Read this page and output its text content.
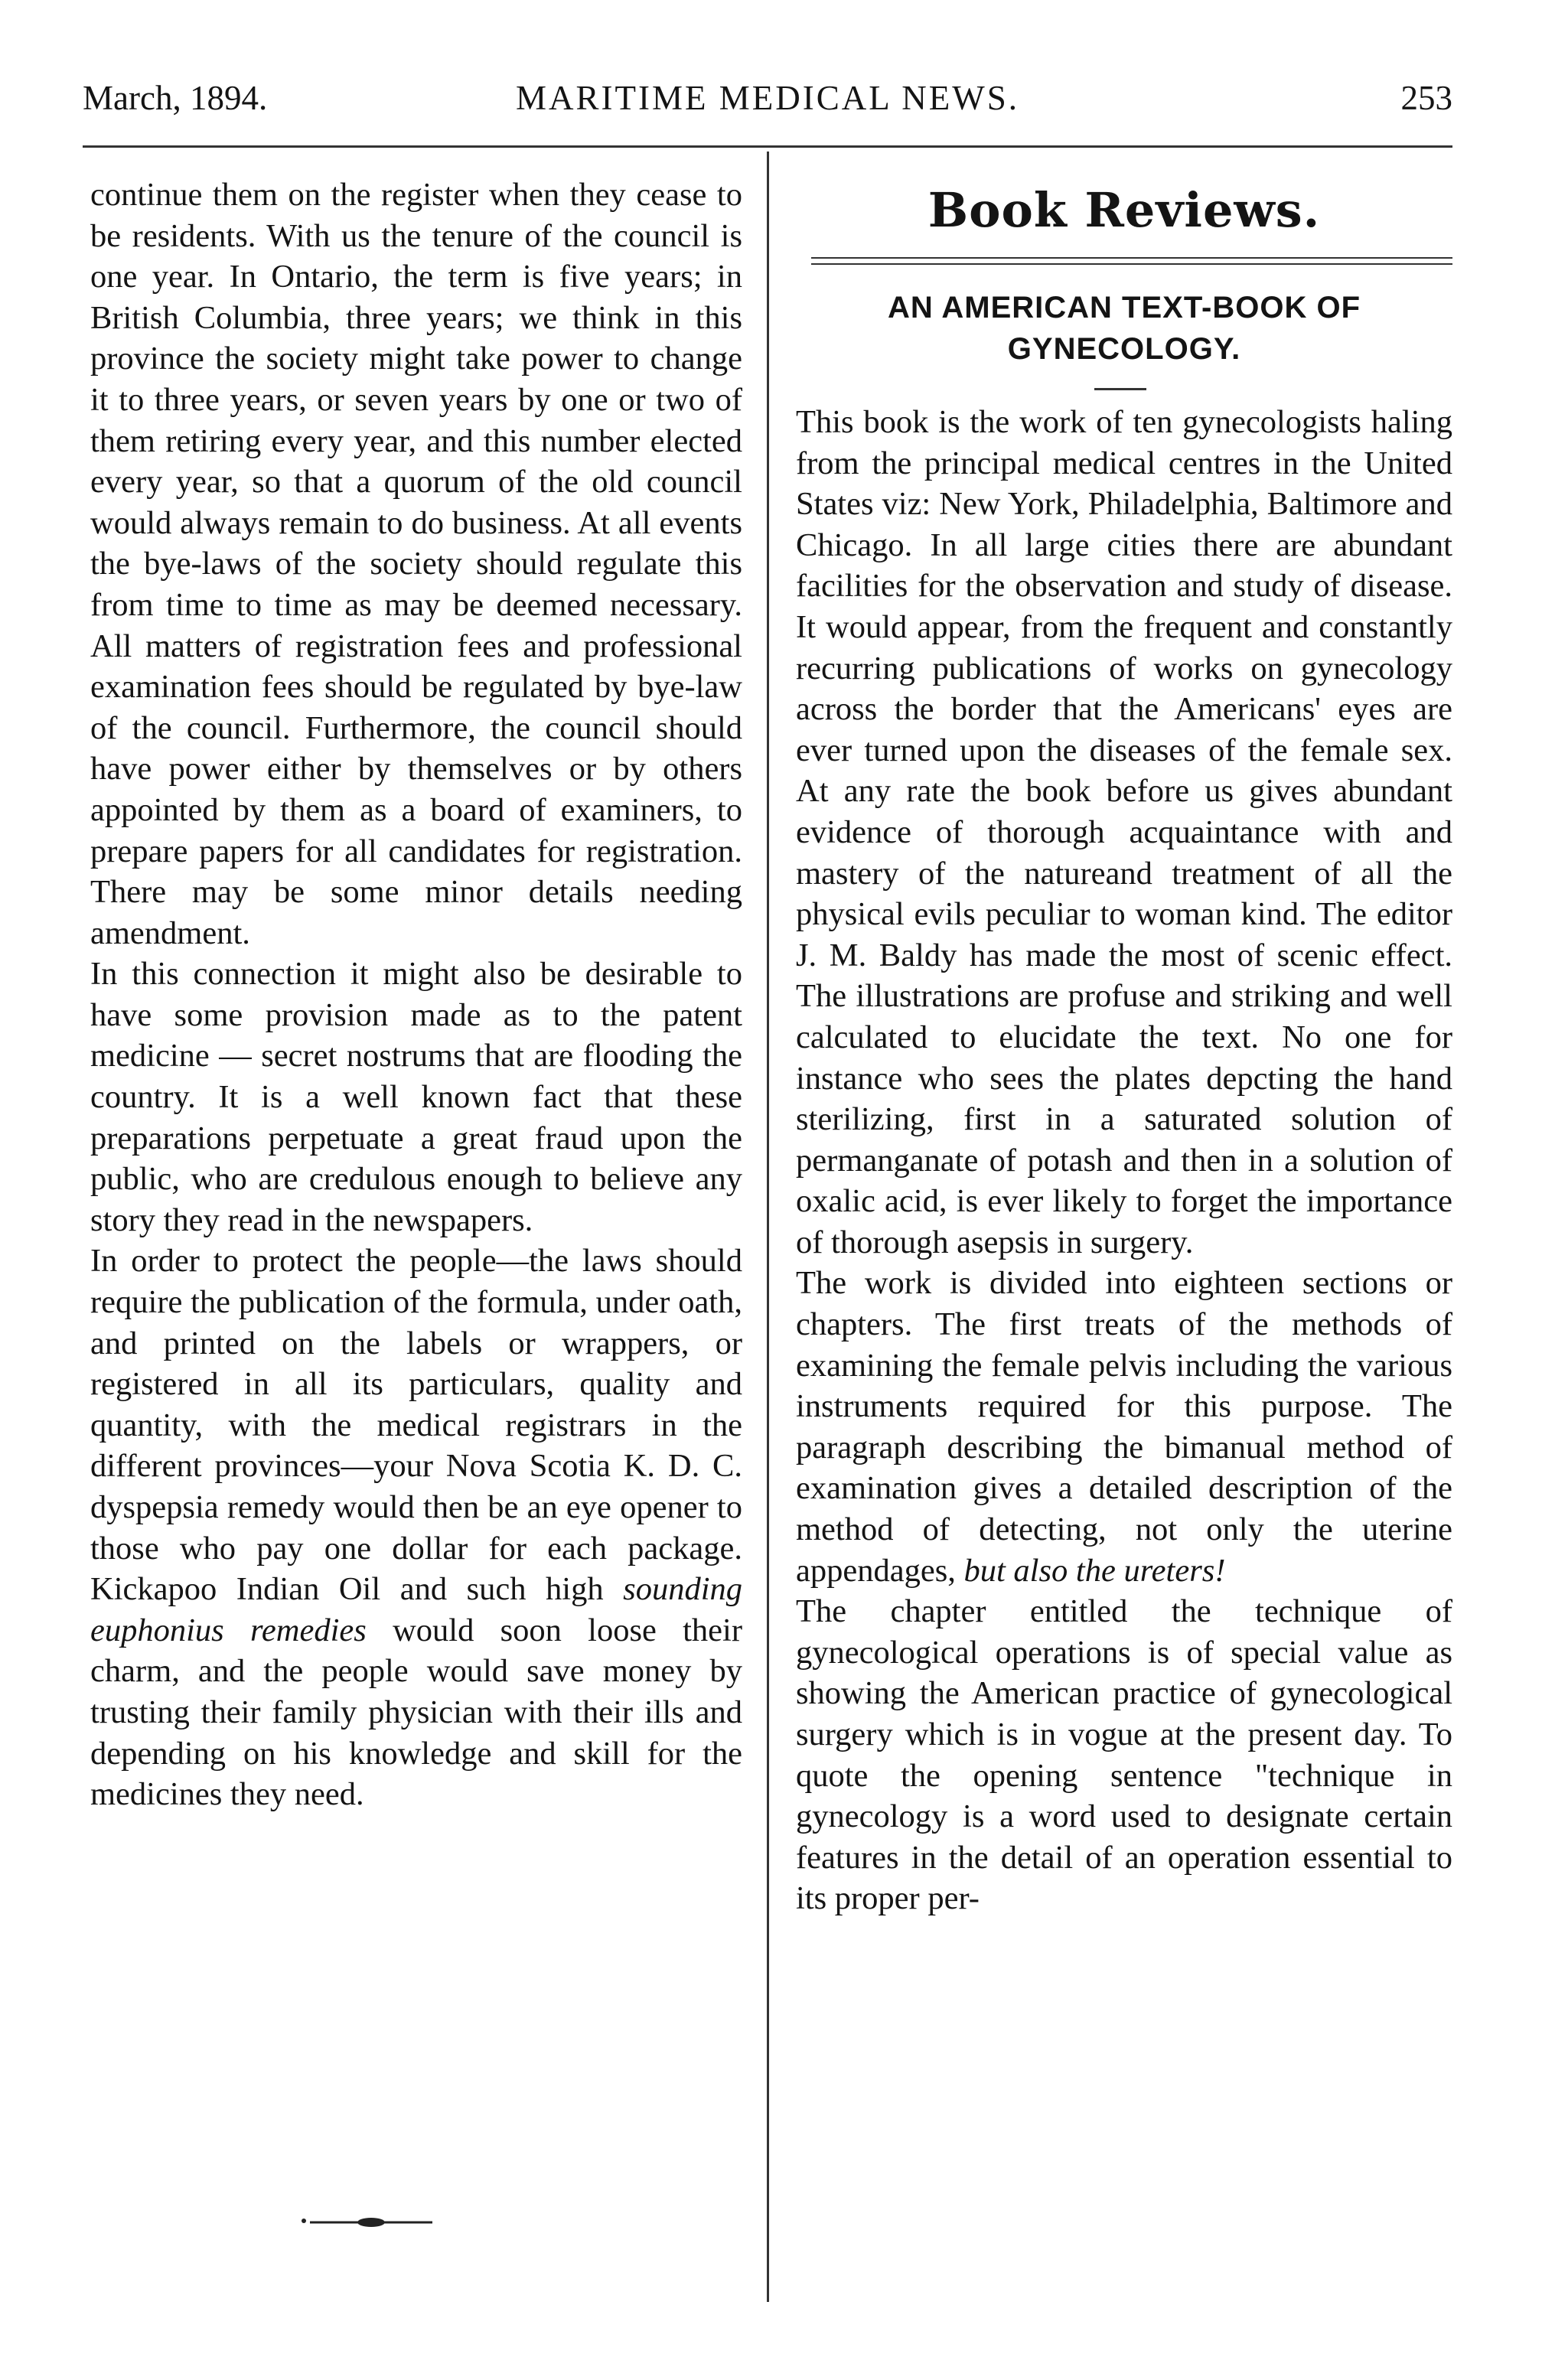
March, 1894.	MARITIME MEDICAL NEWS.	253

continue them on the register when they cease to be residents. With us the tenure of the council is one year. In Ontario, the term is five years; in British Columbia, three years; we think in this province the society might take power to change it to three years, or seven years by one or two of them retiring every year, and this number elected every year, so that a quorum of the old council would always remain to do business. At all events the bye-laws of the society should regulate this from time to time as may be deemed necessary. All matters of registration fees and professional examination fees should be regulated by bye-law of the council. Furthermore, the council should have power either by themselves or by others appointed by them as a board of examiners, to prepare papers for all candidates for registration. There may be some minor details needing amendment.

In this connection it might also be desirable to have some provision made as to the patent medicine — secret nostrums that are flooding the country. It is a well known fact that these preparations perpetuate a great fraud upon the public, who are credulous enough to believe any story they read in the newspapers.

In order to protect the people—the laws should require the publication of the formula, under oath, and printed on the labels or wrappers, or registered in all its particulars, quality and quantity, with the medical registrars in the different provinces—your Nova Scotia K. D. C. dyspepsia remedy would then be an eye opener to those who pay one dollar for each package. Kickapoo Indian Oil and such high sounding euphonius remedies would soon loose their charm, and the people would save money by trusting their family physician with their ills and depending on his knowledge and skill for the medicines they need.

Book Reviews.
AN AMERICAN TEXT-BOOK OF GYNECOLOGY.

This book is the work of ten gynecologists haling from the principal medical centres in the United States viz: New York, Philadelphia, Baltimore and Chicago. In all large cities there are abundant facilities for the observation and study of disease. It would appear, from the frequent and constantly recurring publications of works on gynecology across the border that the Americans' eyes are ever turned upon the diseases of the female sex. At any rate the book before us gives abundant evidence of thorough acquaintance with and mastery of the natureand treatment of all the physical evils peculiar to woman kind. The editor J. M. Baldy has made the most of scenic effect. The illustrations are profuse and striking and well calculated to elucidate the text. No one for instance who sees the plates depcting the hand sterilizing, first in a saturated solution of permanganate of potash and then in a solution of oxalic acid, is ever likely to forget the importance of thorough asepsis in surgery.

The work is divided into eighteen sections or chapters. The first treats of the methods of examining the female pelvis including the various instruments required for this purpose. The paragraph describing the bimanual method of examination gives a detailed description of the method of detecting, not only the uterine appendages, but also the ureters!

The chapter entitled the technique of gynecological operations is of special value as showing the American practice of gynecological surgery which is in vogue at the present day. To quote the opening sentence "technique in gynecology is a word used to designate certain features in the detail of an operation essential to its proper per-
